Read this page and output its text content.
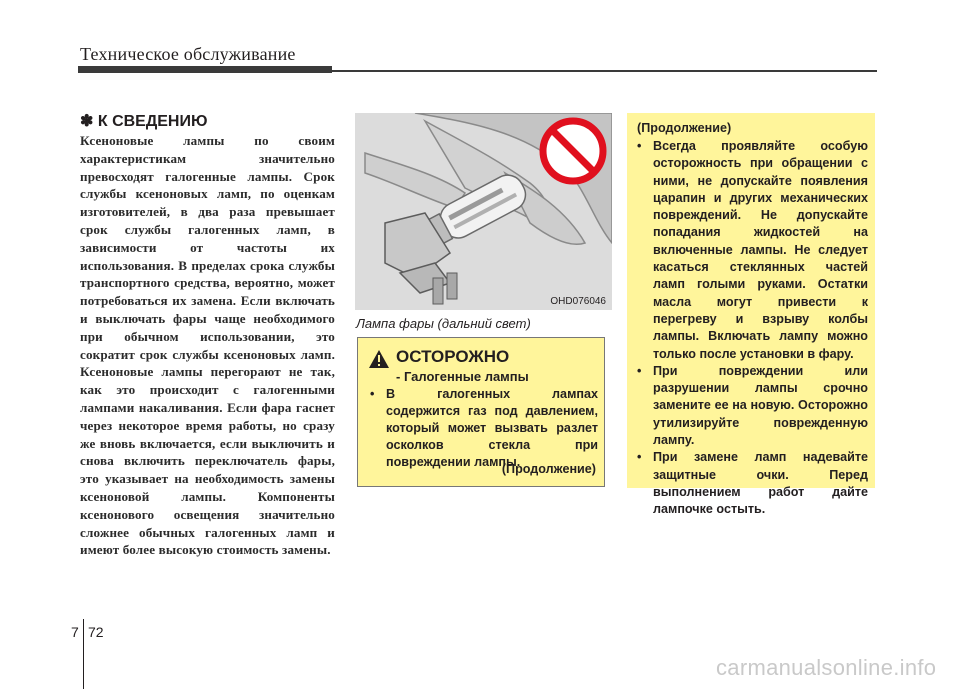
Техническое обслуживание
✽ К СВЕДЕНИЮ
Ксеноновые лампы по своим характеристикам значительно превосходят галогенные лампы. Срок службы ксеноновых ламп, по оценкам изготовителей, в два раза превышает срок службы галогенных ламп, в зависимости от частоты их использования. В пределах срока службы транспортного средства, вероятно, может потребоваться их замена. Если включать и выключать фары чаще необходимого при обычном использовании, это сократит срок службы ксеноновых ламп. Ксеноновые лампы перегорают не так, как это происходит с галогенными лампами накаливания. Если фара гаснет через некоторое время работы, но сразу же вновь включается, если выключить и снова включить переключатель фары, это указывает на необходимость замены ксеноновой лампы. Компоненты ксенонового освещения значительно сложнее обычных галогенных ламп и имеют более высокую стоимость замены.
OHD076046
Лампа фары (дальний свет)
ОСТОРОЖНО
- Галогенные лампы
• В галогенных лампах содержится газ под давлением, который может вызвать разлет осколков стекла при повреждении лампы.
(Продолжение)
(Продолжение)
• Всегда проявляйте особую осторожность при обращении с ними, не допускайте появления царапин и других механических повреждений. Не допускайте попадания жидкостей на включенные лампы. Не следует касаться стеклянных частей ламп голыми руками. Остатки масла могут привести к перегреву и взрыву колбы лампы. Включать лампу можно только после установки в фару.
• При повреждении или разрушении лампы срочно замените ее на новую. Осторожно утилизируйте поврежденную лампу.
• При замене ламп надевайте защитные очки. Перед выполнением работ дайте лампочке остыть.
7 72
carmanualsonline.info
